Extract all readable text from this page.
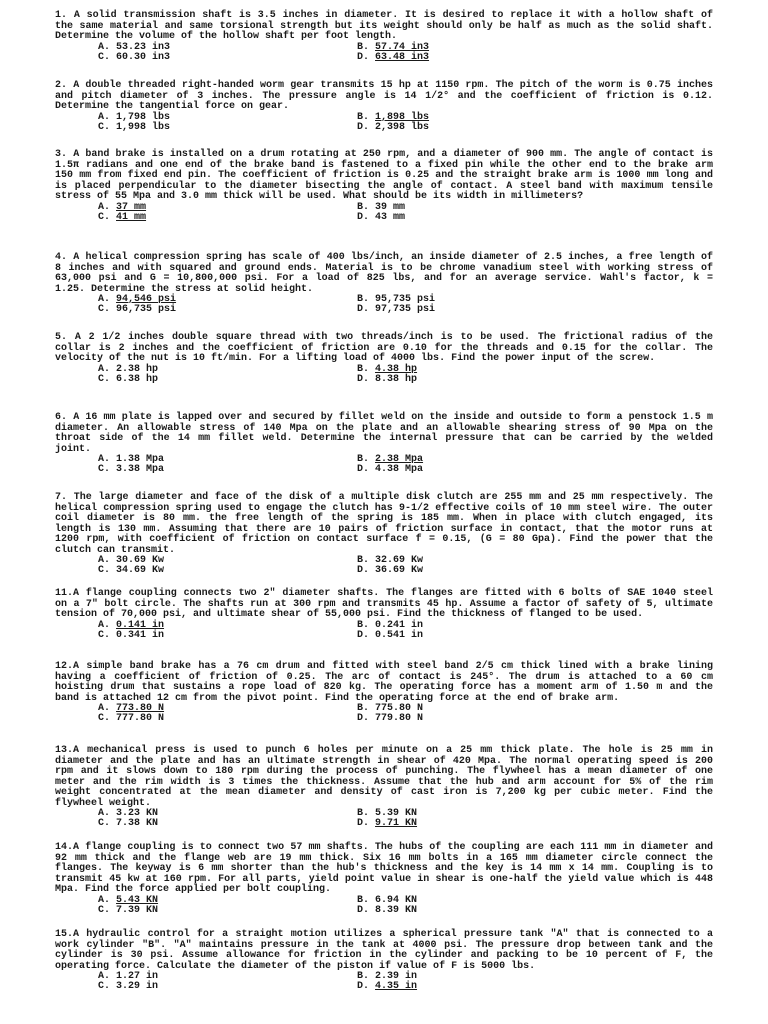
1. A solid transmission shaft is 3.5 inches in diameter. It is desired to replace it with a hollow shaft of the same material and same torsional strength but its weight should only be half as much as the solid shaft. Determine the volume of the hollow shaft per foot length.

A. 53.23 in3	B. 57.74 in3
C. 60.30 in3	D. 63.48 in3

2. A double threaded right-handed worm gear transmits 15 hp at 1150 rpm. The pitch of the worm is 0.75 inches and pitch diameter of 3 inches. The pressure angle is 14 1/2° and the coefficient of friction is 0.12. Determine the tangential force on gear.

A. 1,798 lbs	B. 1,898 lbs
C. 1,998 lbs	D. 2,398 lbs

3. A band brake is installed on a drum rotating at 250 rpm, and a diameter of 900 mm. The angle of contact is 1.5π radians and one end of the brake band is fastened to a fixed pin while the other end to the brake arm 150 mm from fixed end pin. The coefficient of friction is 0.25 and the straight brake arm is 1000 mm long and is placed perpendicular to the diameter bisecting the angle of contact. A steel band with maximum tensile stress of 55 Mpa and 3.0 mm thick will be used. What should be its width in millimeters?

A. 37 mm	B. 39 mm
C. 41 mm	D. 43 mm

4. A helical compression spring has scale of 400 lbs/inch, an inside diameter of 2.5 inches, a free length of 8 inches and with squared and ground ends. Material is to be chrome vanadium steel with working stress of 63,000 psi and G = 10,800,000 psi. For a load of 825 lbs, and for an average service. Wahl's factor, k = 1.25. Determine the stress at solid height.

A. 94,546 psi	B. 95,735 psi
C. 96,735 psi	D. 97,735 psi

5. A 2 1/2 inches double square thread with two threads/inch is to be used. The frictional radius of the collar is 2 inches and the coefficient of friction are 0.10 for the threads and 0.15 for the collar. The velocity of the nut is 10 ft/min. For a lifting load of 4000 lbs. Find the power input of the screw.

A. 2.38 hp	B. 4.38 hp
C. 6.38 hp	D. 8.38 hp

6. A 16 mm plate is lapped over and secured by fillet weld on the inside and outside to form a penstock 1.5 m diameter. An allowable stress of 140 Mpa on the plate and an allowable shearing stress of 90 Mpa on the throat side of the 14 mm fillet weld. Determine the internal pressure that can be carried by the welded joint.

A. 1.38 Mpa	B. 2.38 Mpa
C. 3.38 Mpa	D. 4.38 Mpa

7. The large diameter and face of the disk of a multiple disk clutch are 255 mm and 25 mm respectively. The helical compression spring used to engage the clutch has 9-1/2 effective coils of 10 mm steel wire. The outer coil diameter is 80 mm. the free length of the spring is 185 mm. When in place with clutch engaged, its length is 130 mm. Assuming that there are 10 pairs of friction surface in contact, that the motor runs at 1200 rpm, with coefficient of friction on contact surface f = 0.15, (G = 80 Gpa). Find the power that the clutch can transmit.

A. 30.69 Kw	B. 32.69 Kw
C. 34.69 Kw	D. 36.69 Kw

11.A flange coupling connects two 2" diameter shafts. The flanges are fitted with 6 bolts of SAE 1040 steel on a 7" bolt circle. The shafts run at 300 rpm and transmits 45 hp. Assume a factor of safety of 5, ultimate tension of 70,000 psi, and ultimate shear of 55,000 psi. Find the thickness of flanged to be used.

A. 0.141 in	B. 0.241 in
C. 0.341 in	D. 0.541 in

12.A simple band brake has a 76 cm drum and fitted with steel band 2/5 cm thick lined with a brake lining having a coefficient of friction of 0.25. The arc of contact is 245°. The drum is attached to a 60 cm hoisting drum that sustains a rope load of 820 kg. The operating force has a moment arm of 1.50 m and the band is attached 12 cm from the pivot point. Find the operating force at the end of brake arm.

A. 773.80 N	B. 775.80 N
C. 777.80 N	D. 779.80 N

13.A mechanical press is used to punch 6 holes per minute on a 25 mm thick plate. The hole is 25 mm in diameter and the plate and has an ultimate strength in shear of 420 Mpa. The normal operating speed is 200 rpm and it slows down to 180 rpm during the process of punching. The flywheel has a mean diameter of one meter and the rim width is 3 times the thickness. Assume that the hub and arm account for 5% of the rim weight concentrated at the mean diameter and density of cast iron is 7,200 kg per cubic meter. Find the flywheel weight.

A. 3.23 KN	B. 5.39 KN
C. 7.38 KN	D. 9.71 KN

14.A flange coupling is to connect two 57 mm shafts. The hubs of the coupling are each 111 mm in diameter and 92 mm thick and the flange web are 19 mm thick. Six 16 mm bolts in a 165 mm diameter circle connect the flanges. The keyway is 6 mm shorter than the hub's thickness and the key is 14 mm x 14 mm. Coupling is to transmit 45 kw at 160 rpm. For all parts, yield point value in shear is one-half the yield value which is 448 Mpa. Find the force applied per bolt coupling.

A. 5.43 KN	B. 6.94 KN
C. 7.39 KN	D. 8.39 KN

15.A hydraulic control for a straight motion utilizes a spherical pressure tank "A" that is connected to a work cylinder "B". "A" maintains pressure in the tank at 4000 psi. The pressure drop between tank and the cylinder is 30 psi. Assume allowance for friction in the cylinder and packing to be 10 percent of F, the operating force. Calculate the diameter of the piston if value of F is 5000 lbs.

A. 1.27 in	B. 2.39 in
C. 3.29 in	D. 4.35 in
